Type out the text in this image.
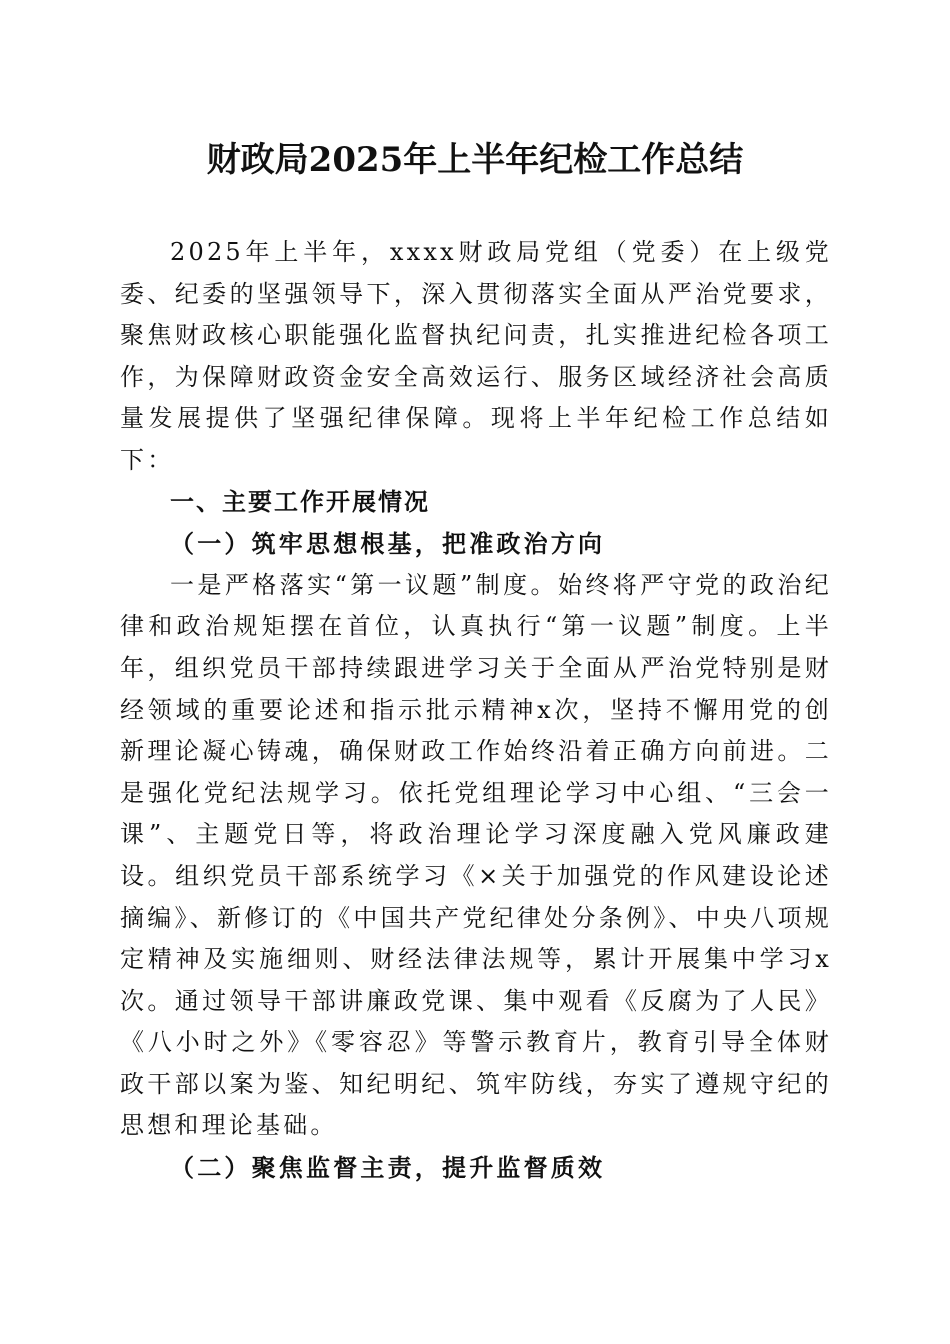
财政局2025年上半年纪检工作总结

2025年上半年，xxxx财政局党组（党委）在上级党委、纪委的坚强领导下，深入贯彻落实全面从严治党要求，聚焦财政核心职能强化监督执纪问责，扎实推进纪检各项工作，为保障财政资金安全高效运行、服务区域经济社会高质量发展提供了坚强纪律保障。现将上半年纪检工作总结如下：

一、主要工作开展情况

（一）筑牢思想根基，把准政治方向

一是严格落实“第一议题”制度。始终将严守党的政治纪律和政治规矩摆在首位，认真执行“第一议题”制度。上半年，组织党员干部持续跟进学习关于全面从严治党特别是财经领域的重要论述和指示批示精神x次，坚持不懈用党的创新理论凝心铸魂，确保财政工作始终沿着正确方向前进。二是强化党纪法规学习。依托党组理论学习中心组、“三会一课”、主题党日等，将政治理论学习深度融入党风廉政建设。组织党员干部系统学习《×关于加强党的作风建设论述摘编》、新修订的《中国共产党纪律处分条例》、中央八项规定精神及实施细则、财经法律法规等，累计开展集中学习x次。通过领导干部讲廉政党课、集中观看《反腐为了人民》《八小时之外》《零容忍》等警示教育片，教育引导全体财政干部以案为鉴、知纪明纪、筑牢防线，夯实了遵规守纪的思想和理论基础。

（二）聚焦监督主责，提升监督质效
